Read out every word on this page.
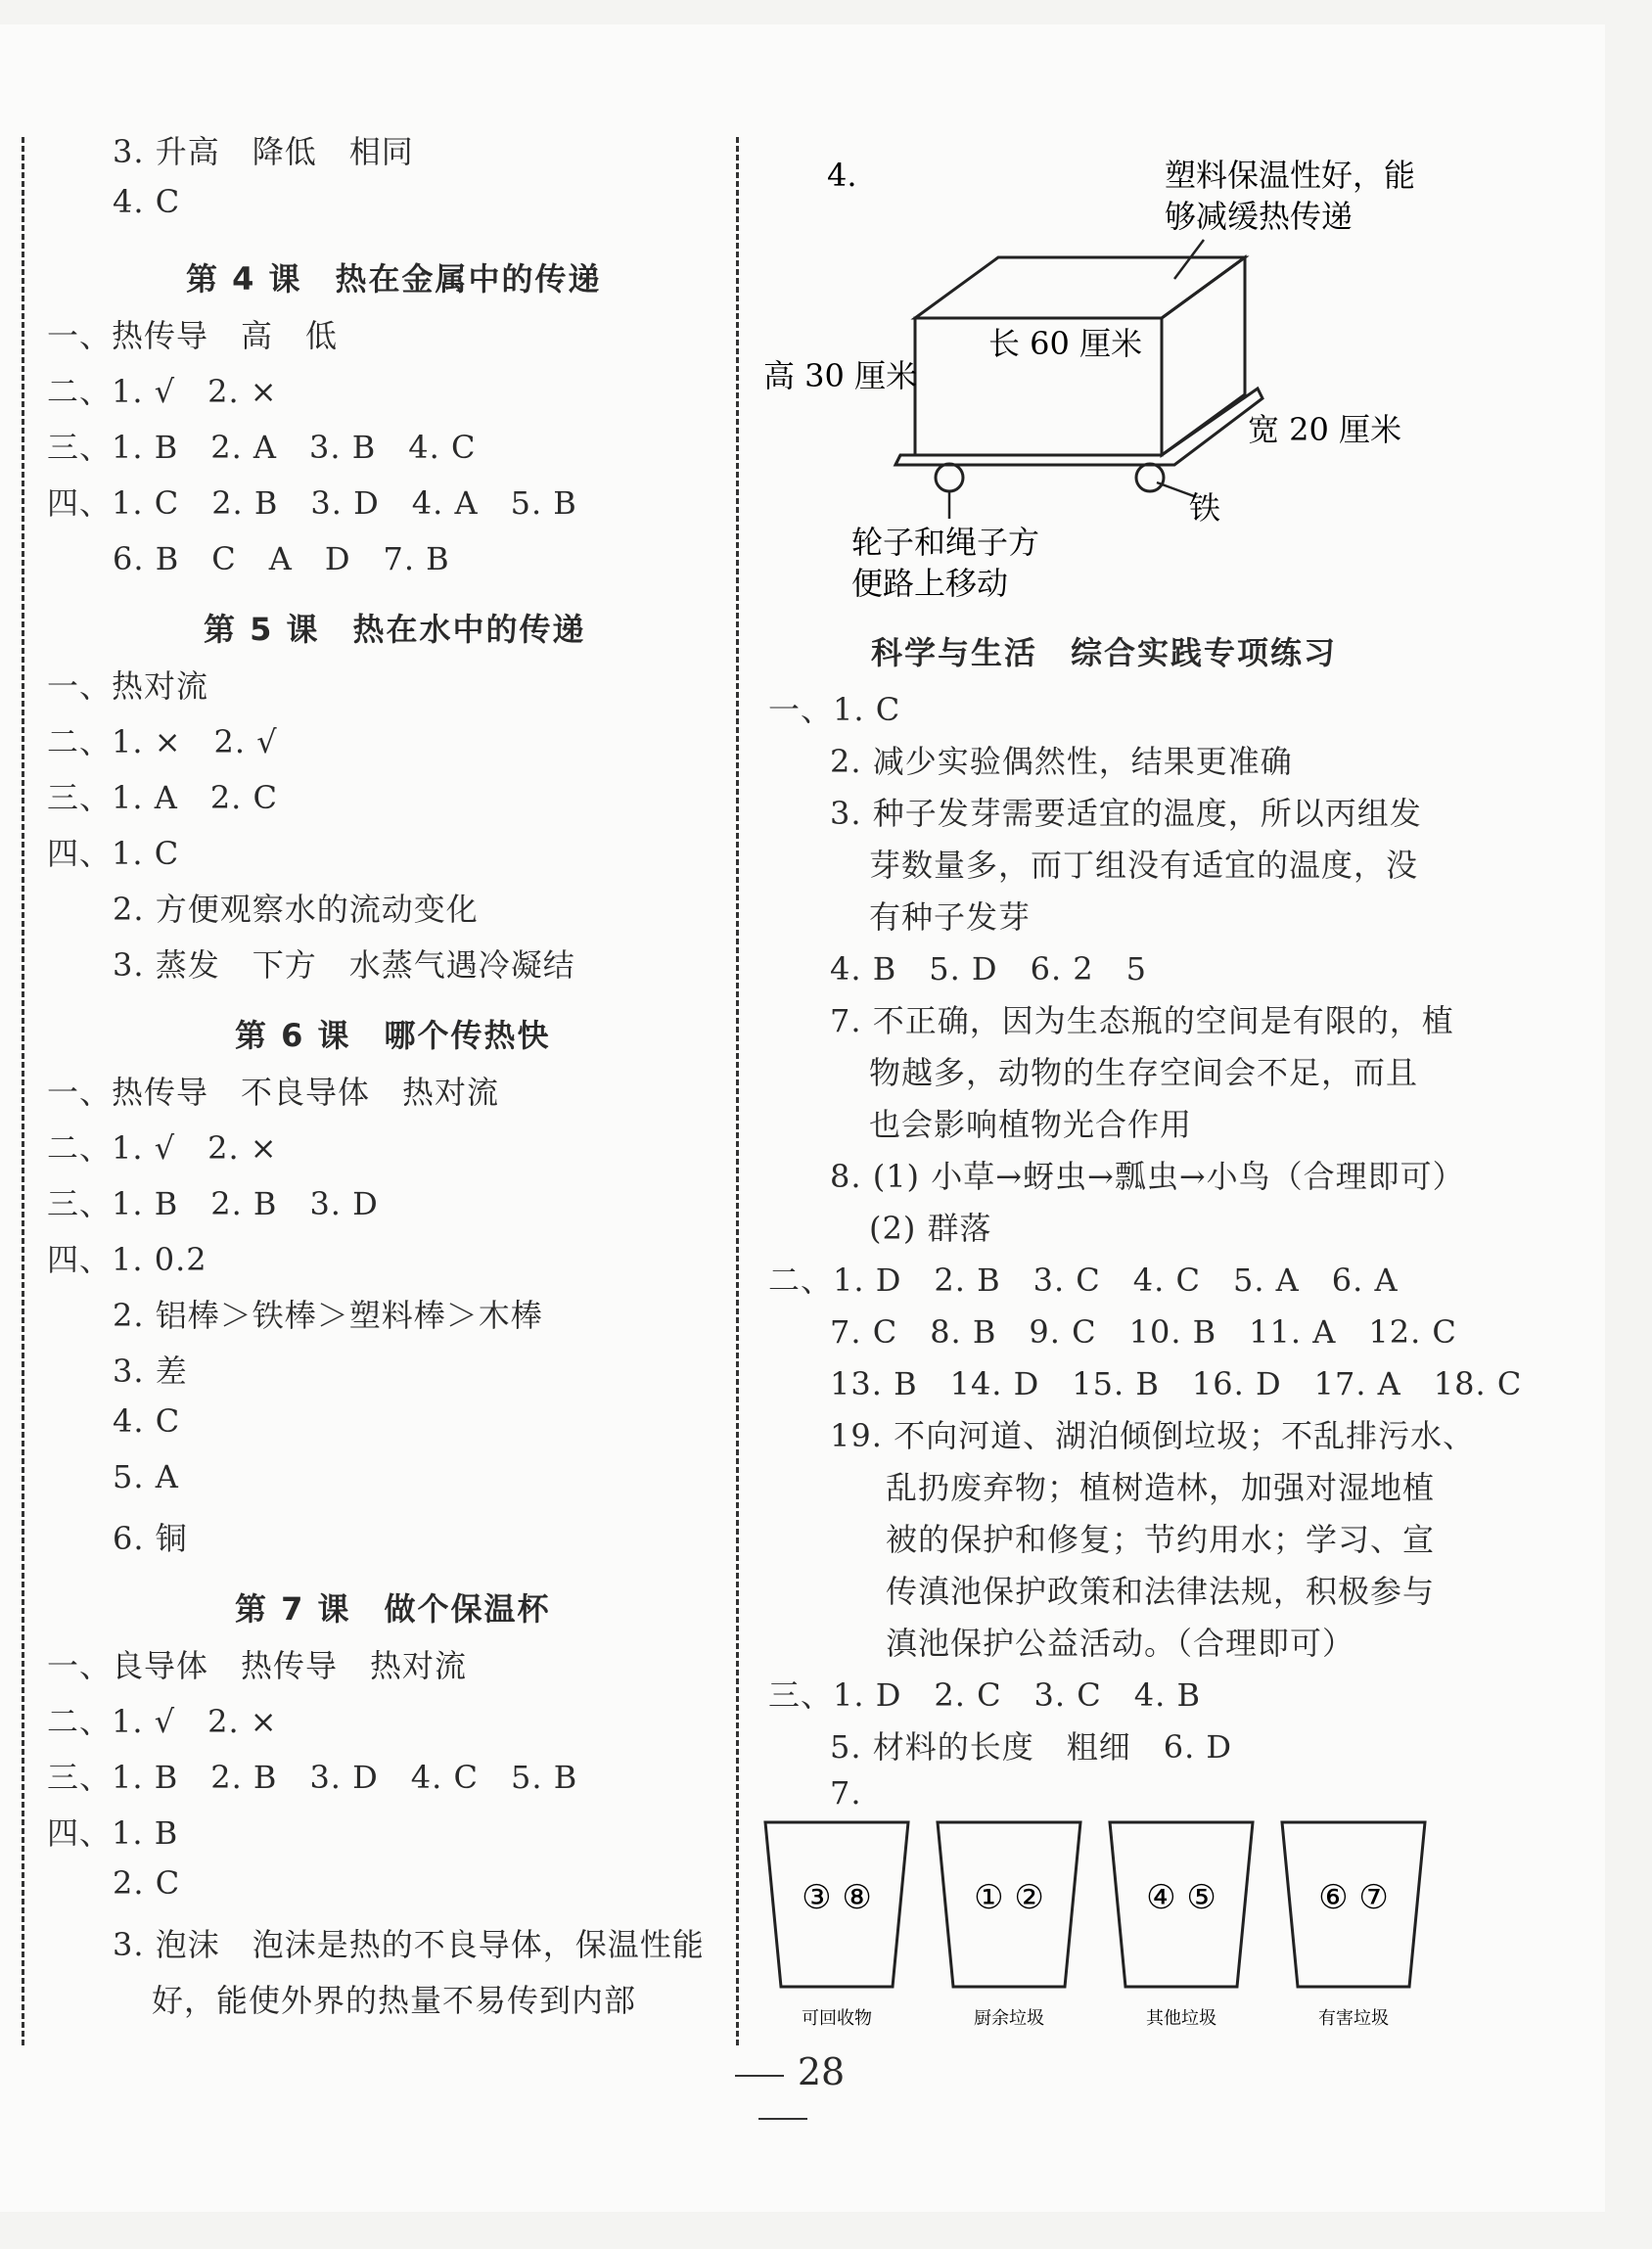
3. 升高　降低　相同
4. C
第 4 课　热在金属中的传递
一、热传导　高　低
二、1. √　2. ×
三、1. B　2. A　3. B　4. C
四、1. C　2. B　3. D　4. A　5. B
6. B　C　A　D　7. B
第 5 课　热在水中的传递
一、热对流
二、1. ×　2. √
三、1. A　2. C
四、1. C
2. 方便观察水的流动变化
3. 蒸发　下方　水蒸气遇冷凝结
第 6 课　哪个传热快
一、热传导　不良导体　热对流
二、1. √　2. ×
三、1. B　2. B　3. D
四、1. 0.2
2. 铝棒＞铁棒＞塑料棒＞木棒
3. 差
4. C
5. A
6. 铜
第 7 课　做个保温杯
一、良导体　热传导　热对流
二、1. √　2. ×
三、1. B　2. B　3. D　4. C　5. B
四、1. B
2. C
3. 泡沫　泡沫是热的不良导体，保温性能
好，能使外界的热量不易传到内部
科学与生活　综合实践专项练习
一、1. C
2. 减少实验偶然性，结果更准确
3. 种子发芽需要适宜的温度，所以丙组发
芽数量多，而丁组没有适宜的温度，没
有种子发芽
4. B　5. D　6. 2　5
7. 不正确，因为生态瓶的空间是有限的，植
物越多，动物的生存空间会不足，而且
也会影响植物光合作用
8. (1) 小草→蚜虫→瓢虫→小鸟（合理即可）
(2) 群落
二、1. D　2. B　3. C　4. C　5. A　6. A
7. C　8. B　9. C　10. B　11. A　12. C
13. B　14. D　15. B　16. D　17. A　18. C
19. 不向河道、湖泊倾倒垃圾；不乱排污水、
乱扔废弃物；植树造林，加强对湿地植
被的保护和修复；节约用水；学习、宣
传滇池保护政策和法律法规，积极参与
滇池保护公益活动。（合理即可）
三、1. D　2. C　3. C　4. B
5. 材料的长度　粗细　6. D
7.
4.	塑料保温性好，能
够减缓热传递
长 60 厘米
高 30 厘米
宽 20 厘米
铁
轮子和绳子方
便路上移动
③ ⑧
可回收物
① ②
厨余垃圾
④ ⑤
其他垃圾
⑥ ⑦
有害垃圾
28
